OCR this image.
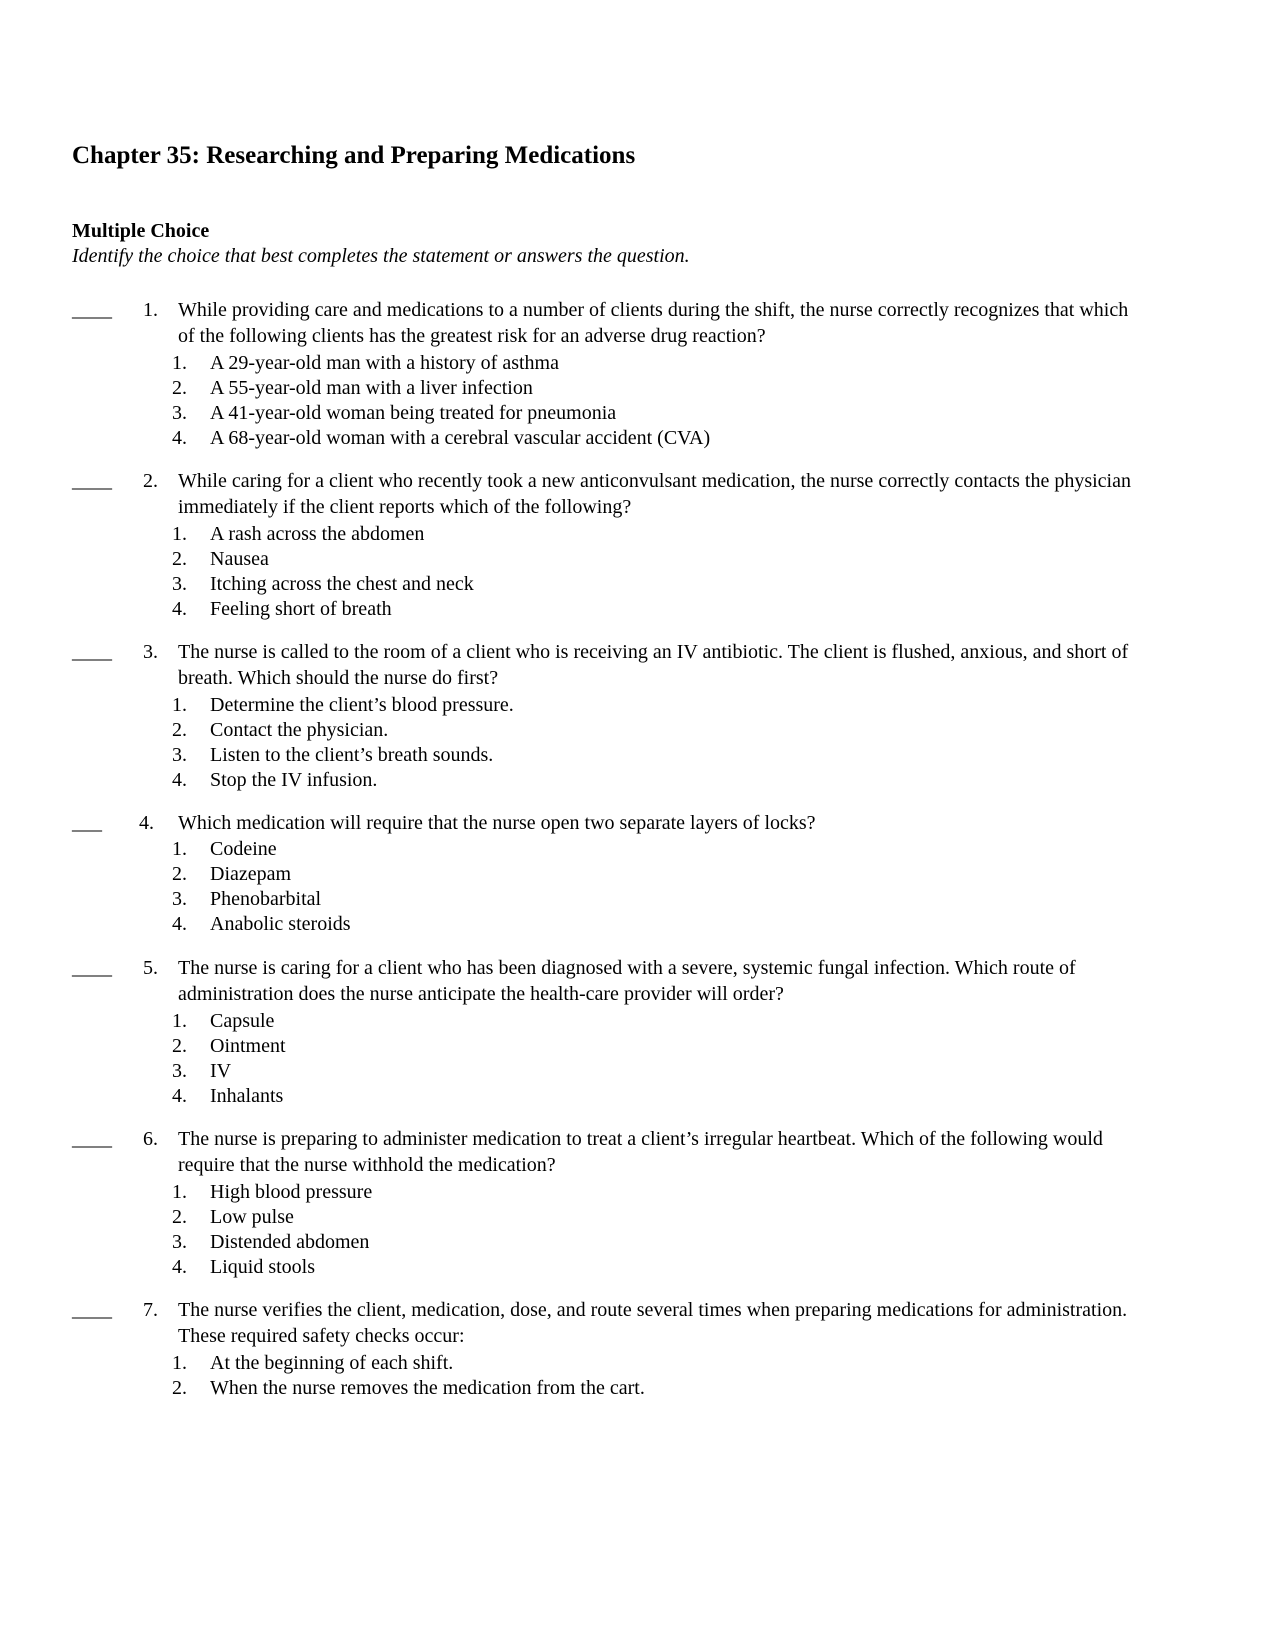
Chapter 35: Researching and Preparing Medications
Multiple Choice
Identify the choice that best completes the statement or answers the question.
____ 1. While providing care and medications to a number of clients during the shift, the nurse correctly recognizes that which of the following clients has the greatest risk for an adverse drug reaction?
1. A 29-year-old man with a history of asthma
2. A 55-year-old man with a liver infection
3. A 41-year-old woman being treated for pneumonia
4. A 68-year-old woman with a cerebral vascular accident (CVA)
____ 2. While caring for a client who recently took a new anticonvulsant medication, the nurse correctly contacts the physician immediately if the client reports which of the following?
1. A rash across the abdomen
2. Nausea
3. Itching across the chest and neck
4. Feeling short of breath
____ 3. The nurse is called to the room of a client who is receiving an IV antibiotic. The client is flushed, anxious, and short of breath. Which should the nurse do first?
1. Determine the client’s blood pressure.
2. Contact the physician.
3. Listen to the client’s breath sounds.
4. Stop the IV infusion.
___ 4. Which medication will require that the nurse open two separate layers of locks?
1. Codeine
2. Diazepam
3. Phenobarbital
4. Anabolic steroids
____ 5. The nurse is caring for a client who has been diagnosed with a severe, systemic fungal infection. Which route of administration does the nurse anticipate the health-care provider will order?
1. Capsule
2. Ointment
3. IV
4. Inhalants
____ 6. The nurse is preparing to administer medication to treat a client’s irregular heartbeat. Which of the following would require that the nurse withhold the medication?
1. High blood pressure
2. Low pulse
3. Distended abdomen
4. Liquid stools
____ 7. The nurse verifies the client, medication, dose, and route several times when preparing medications for administration. These required safety checks occur:
1. At the beginning of each shift.
2. When the nurse removes the medication from the cart.
